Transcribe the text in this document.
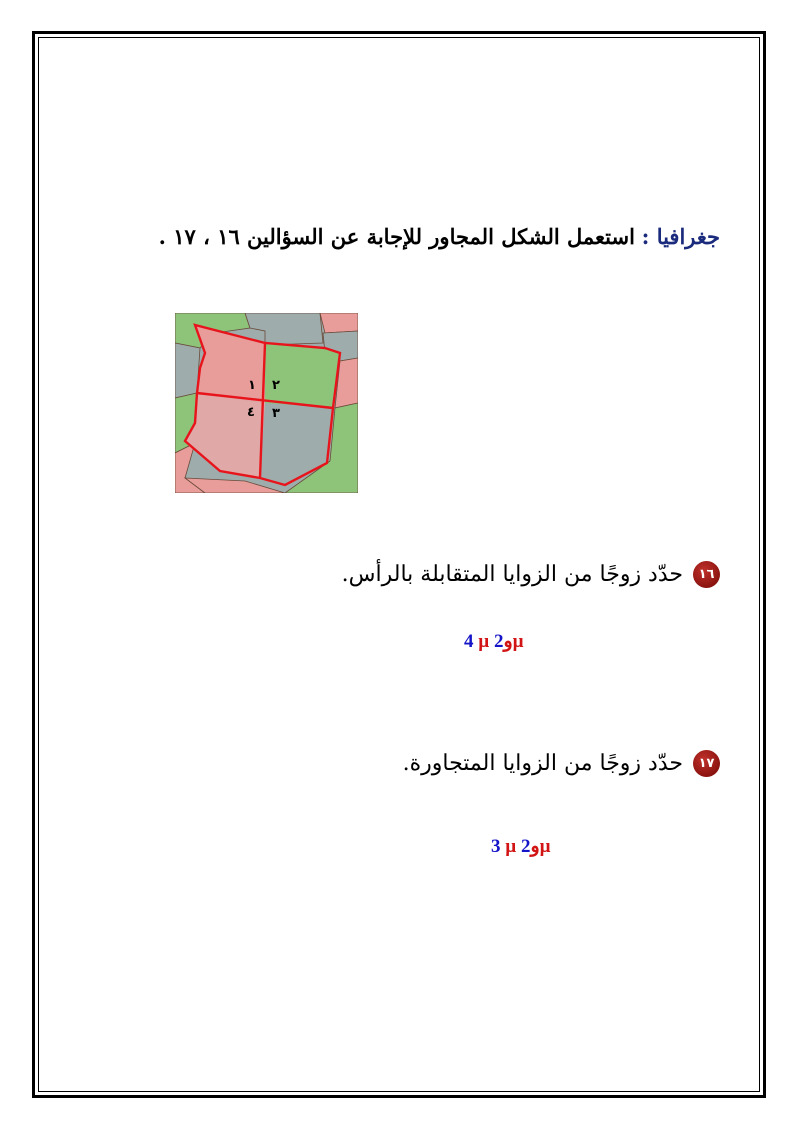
جغرافيا : استعمل الشكل المجاور للإجابة عن السؤالين ١٦ ، ١٧ .
١ ٢
٣
٤
١٦
حدّد زوجًا من الزوايا المتقابلة بالرأس.
4 µ و2 µ
١٧
حدّد زوجًا من الزوايا المتجاورة.
3 µ و2 µ
